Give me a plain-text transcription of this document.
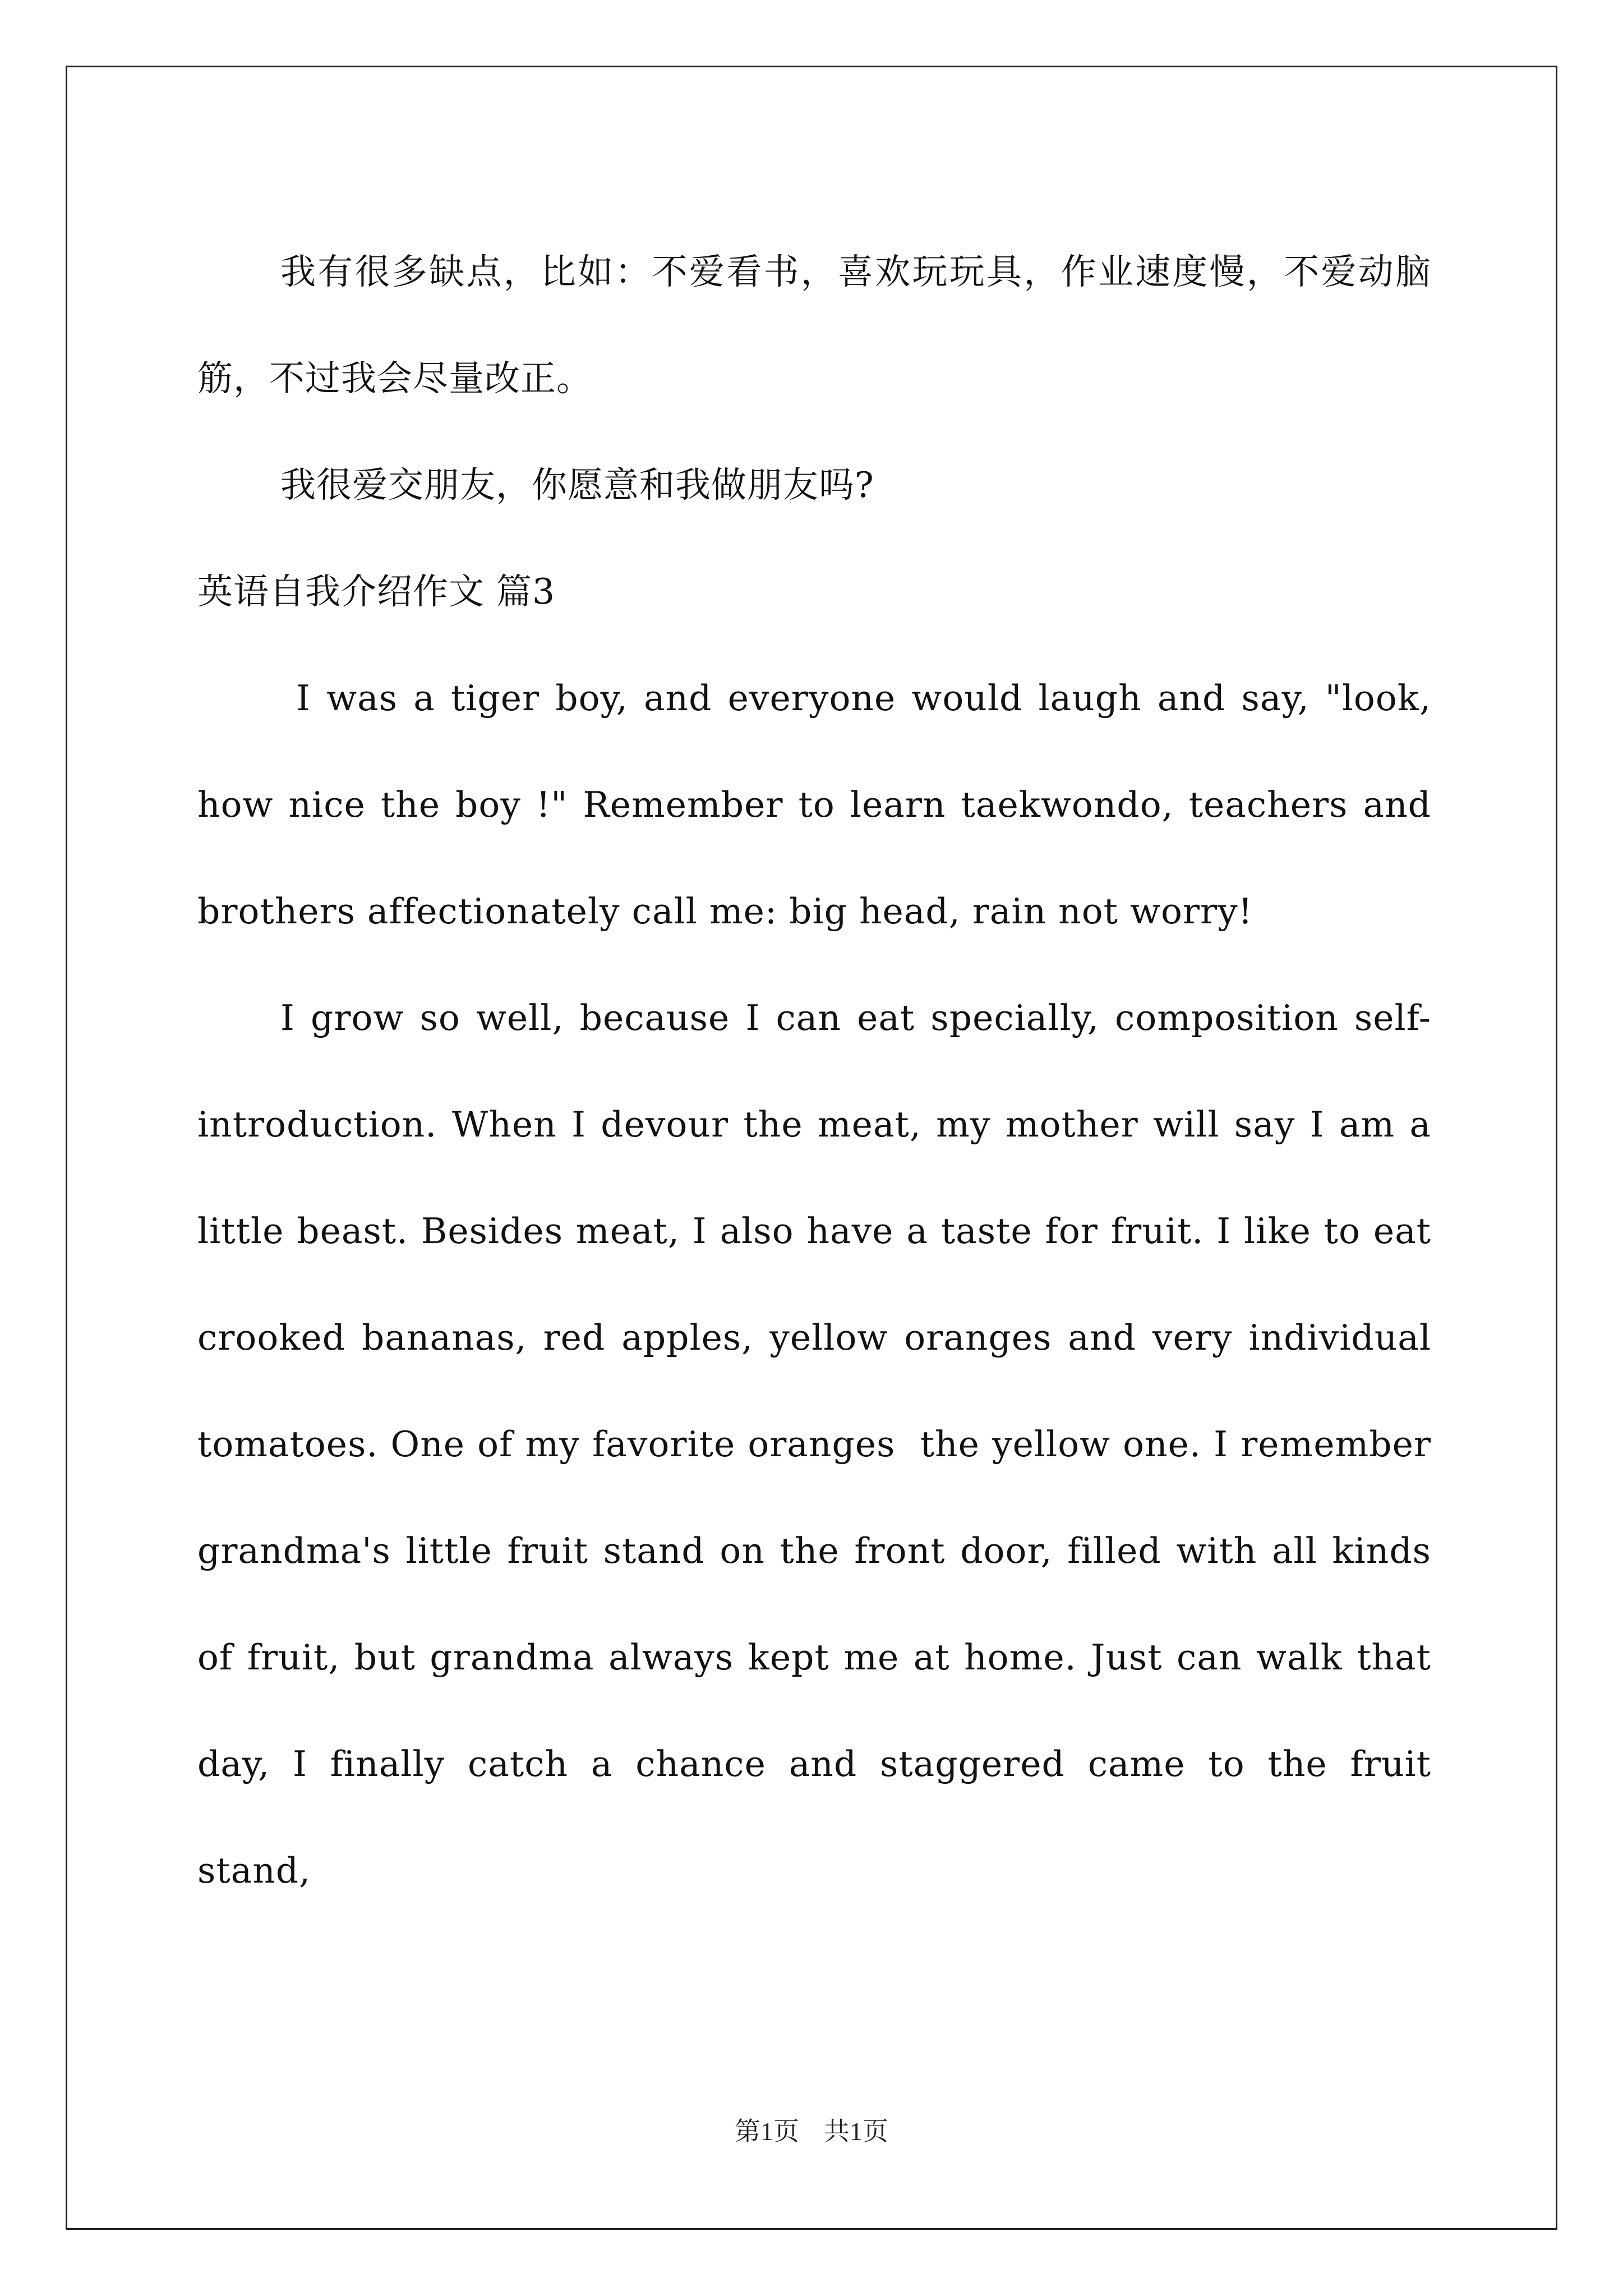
我有很多缺点，比如：不爱看书，喜欢玩玩具，作业速度慢，不爱动脑筋，不过我会尽量改正。

我很爱交朋友，你愿意和我做朋友吗?

英语自我介绍作文 篇3

I was a tiger boy, and everyone would laugh and say, "look, how nice the boy !" Remember to learn taekwondo, teachers and brothers affectionately call me: big head, rain not worry!

I grow so well, because I can eat specially, composition self-introduction. When I devour the meat, my mother will say I am a little beast. Besides meat, I also have a taste for fruit. I like to eat crooked bananas, red apples, yellow oranges and very individual tomatoes. One of my favorite oranges  the yellow one. I remember grandma's little fruit stand on the front door, filled with all kinds of fruit, but grandma always kept me at home. Just can walk that day, I finally catch a chance and staggered came to the fruit stand,

第1页 共1页
